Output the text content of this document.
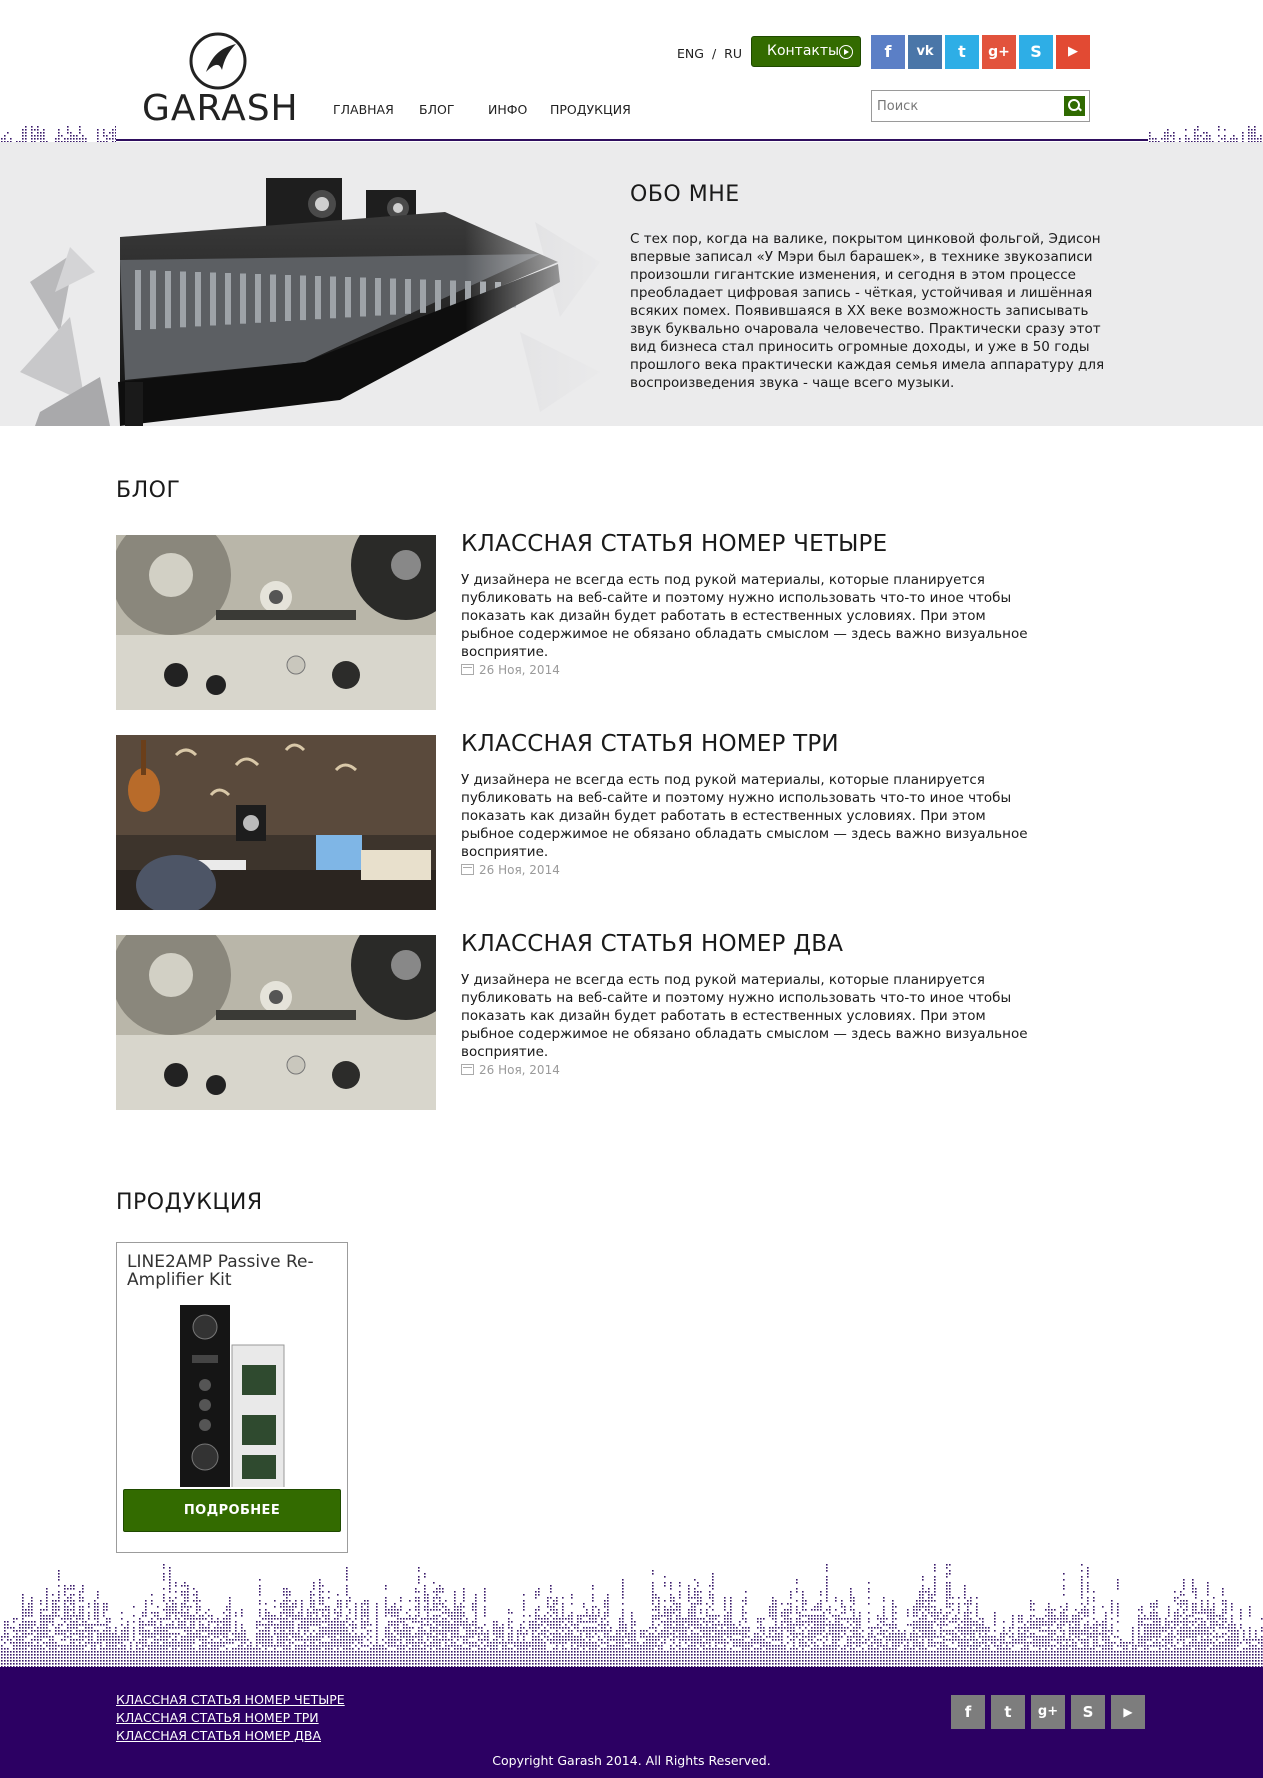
GARASH	ГЛАВНАЯ БЛОГ	ИНФО ПРОДУКЦИЯ
ENG / RU	Контакты	f	vk	t	g+	S	▶
Поиск
ОБО МНЕ

С тех пор, когда на валике, покрытом цинковой фольгой, Эдисон впервые записал «У Мэри был барашек», в технике звукозаписи произошли гигантские изменения, и сегодня в этом процессе преобладает цифровая запись - чёткая, устойчивая и лишённая всяких помех. Появившаяся в XX веке возможность записывать звук буквально очаровала человечество. Практически сразу этот вид бизнеса стал приносить огромные доходы, и уже в 50 годы прошлого века практически каждая семья имела аппаратуру для воспроизведения звука - чаще всего музыки.

БЛОГ
КЛАССНАЯ СТАТЬЯ НОМЕР ЧЕТЫРЕ

У дизайнера не всегда есть под рукой материалы, которые планируется публиковать на веб-сайте и поэтому нужно использовать что-то иное чтобы показать как дизайн будет работать в естественных условиях. При этом рыбное содержимое не обязано обладать смыслом — здесь важно визуальное восприятие.

26 Ноя, 2014
КЛАССНАЯ СТАТЬЯ НОМЕР ТРИ

У дизайнера не всегда есть под рукой материалы, которые планируется публиковать на веб-сайте и поэтому нужно использовать что-то иное чтобы показать как дизайн будет работать в естественных условиях. При этом рыбное содержимое не обязано обладать смыслом — здесь важно визуальное восприятие.

26 Ноя, 2014
КЛАССНАЯ СТАТЬЯ НОМЕР ДВА

У дизайнера не всегда есть под рукой материалы, которые планируется публиковать на веб-сайте и поэтому нужно использовать что-то иное чтобы показать как дизайн будет работать в естественных условиях. При этом рыбное содержимое не обязано обладать смыслом — здесь важно визуальное восприятие.

26 Ноя, 2014
ПРОДУКЦИЯ
LINE2AMP Passive Re-Amplifier Kit
ПОДРОБНЕЕ
КЛАССНАЯ СТАТЬЯ НОМЕР ЧЕТЫРЕ
КЛАССНАЯ СТАТЬЯ НОМЕР ТРИ
КЛАССНАЯ СТАТЬЯ НОМЕР ДВА
f	t	g+	S	▶
Copyright Garash 2014. All Rights Reserved.
